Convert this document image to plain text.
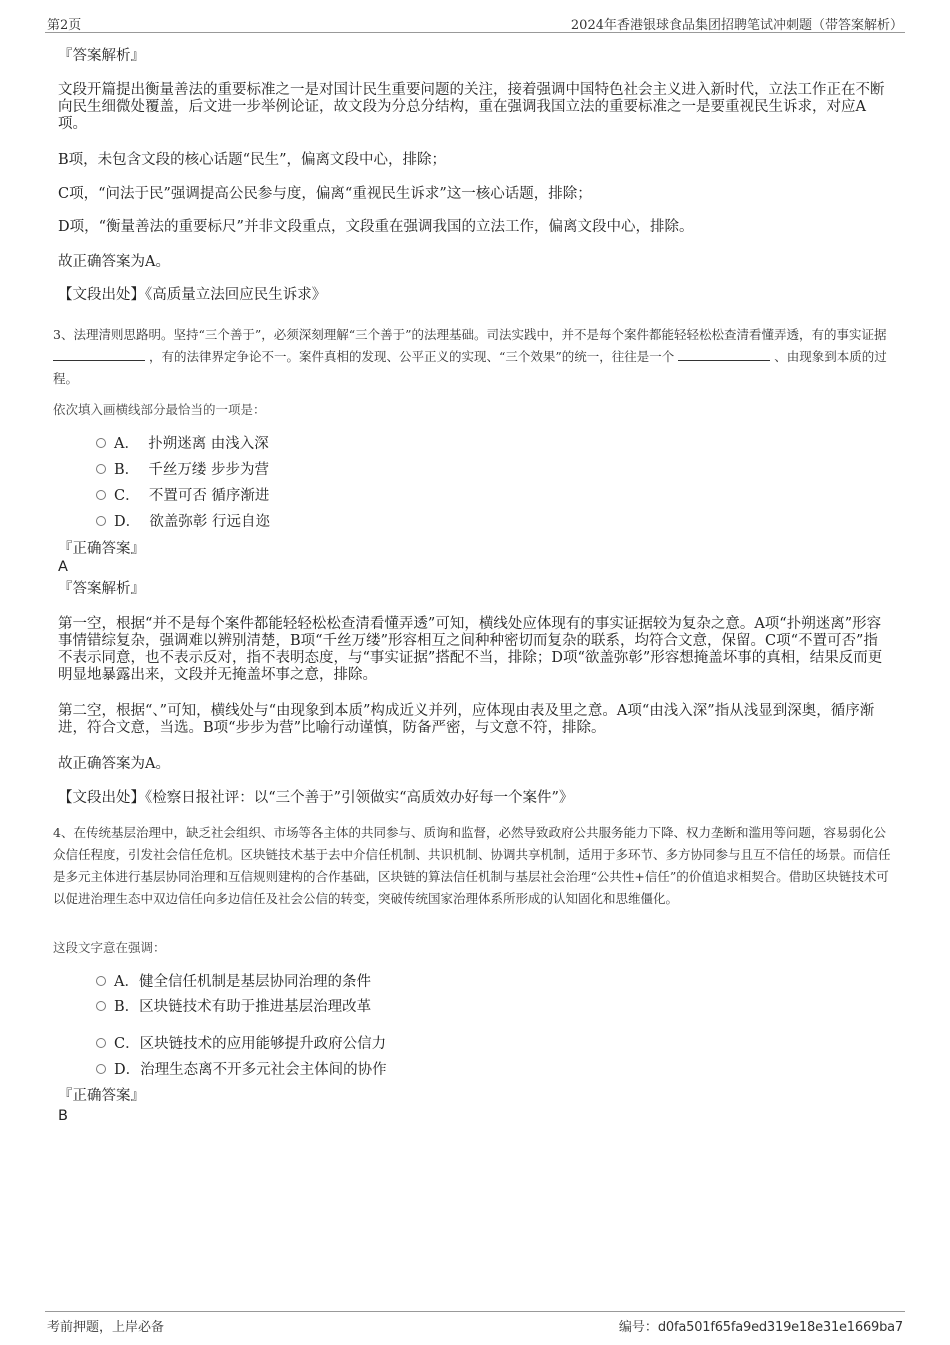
第2页	2024年香港银球食品集团招聘笔试冲刺题（带答案解析）
『答案解析』
文段开篇提出衡量善法的重要标准之一是对国计民生重要问题的关注，接着强调中国特色社会主义进入新时代，立法工作正在不断向民生细微处覆盖，后文进一步举例论证，故文段为分总分结构，重在强调我国立法的重要标准之一是要重视民生诉求，对应A项。
B项，未包含文段的核心话题“民生”，偏离文段中心，排除；
C项，“问法于民”强调提高公民参与度，偏离“重视民生诉求”这一核心话题，排除；
D项，“衡量善法的重要标尺”并非文段重点，文段重在强调我国的立法工作，偏离文段中心，排除。
故正确答案为A。
【文段出处】《高质量立法回应民生诉求》
3、法理清则思路明。坚持“三个善于”，必须深刻理解“三个善于”的法理基础。司法实践中，并不是每个案件都能轻轻松松查清看懂弄透，有的事实证据  ，有的法律界定争论不一。案件真相的发现、公平正义的实现、“三个效果”的统一，往往是一个	、由现象到本质的过程。
依次填入画横线部分最恰当的一项是：
A． 扑朔迷离 由浅入深
B． 千丝万缕 步步为营
C． 不置可否 循序渐进
D． 欲盖弥彰 行远自迩
『正确答案』
A
『答案解析』
第一空，根据“并不是每个案件都能轻轻松松查清看懂弄透”可知，横线处应体现有的事实证据较为复杂之意。A项“扑朔迷离”形容事情错综复杂，强调难以辨别清楚，B项“千丝万缕”形容相互之间种种密切而复杂的联系，均符合文意，保留。C项“不置可否”指不表示同意，也不表示反对，指不表明态度，与“事实证据”搭配不当，排除；D项“欲盖弥彰”形容想掩盖坏事的真相，结果反而更明显地暴露出来，文段并无掩盖坏事之意，排除。
第二空，根据“、”可知，横线处与“由现象到本质”构成近义并列，应体现由表及里之意。A项“由浅入深”指从浅显到深奥，循序渐进，符合文意，当选。B项“步步为营”比喻行动谨慎，防备严密，与文意不符，排除。
故正确答案为A。
【文段出处】《检察日报社评：以“三个善于”引领做实“高质效办好每一个案件”》
4、在传统基层治理中，缺乏社会组织、市场等各主体的共同参与、质询和监督，必然导致政府公共服务能力下降、权力垄断和滥用等问题，容易弱化公众信任程度，引发社会信任危机。区块链技术基于去中介信任机制、共识机制、协调共享机制，适用于多环节、多方协同参与且互不信任的场景。而信任是多元主体进行基层协同治理和互信规则建构的合作基础，区块链的算法信任机制与基层社会治理“公共性+信任”的价值追求相契合。借助区块链技术可以促进治理生态中双边信任向多边信任及社会公信的转变，突破传统国家治理体系所形成的认知固化和思维僵化。
这段文字意在强调：
A．健全信任机制是基层协同治理的条件
B．区块链技术有助于推进基层治理改革
C．区块链技术的应用能够提升政府公信力
D．治理生态离不开多元社会主体间的协作
『正确答案』
B
考前押题，上岸必备	编号：d0fa501f65fa9ed319e18e31e1669ba7
